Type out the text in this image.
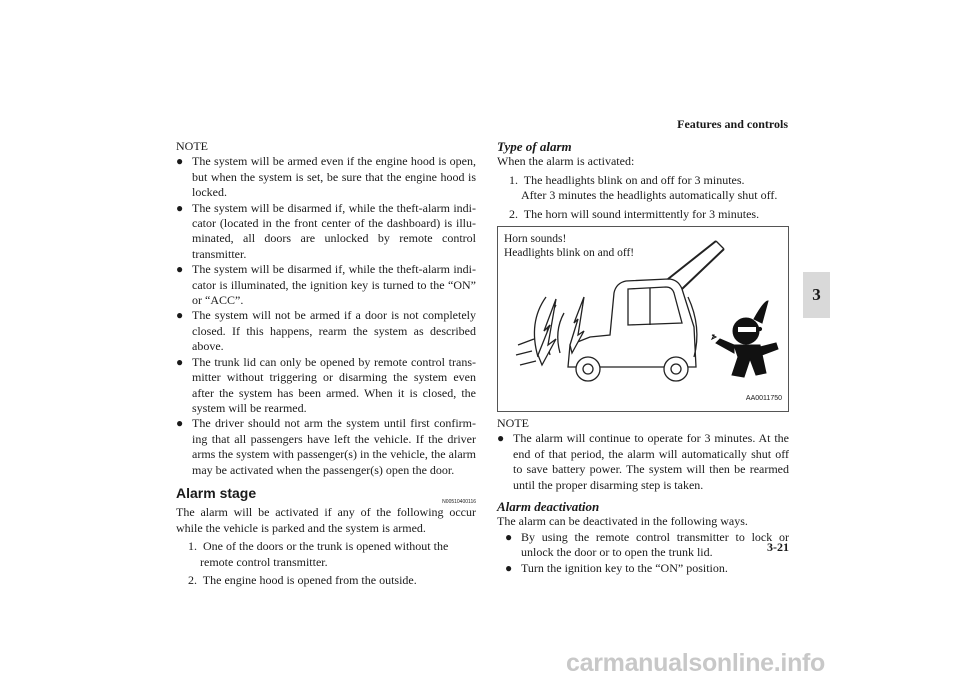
Features and controls
3

NOTE

● The system will be armed even if the engine hood is open, but when the system is set, be sure that the engine hood is locked.
● The system will be disarmed if, while the theft-alarm indi-cator (located in the front center of the dashboard) is illu-minated, all doors are unlocked by remote control transmitter.
● The system will be disarmed if, while the theft-alarm indi-cator is illuminated, the ignition key is turned to the “ON” or “ACC”.
● The system will not be armed if a door is not completely closed. If this happens, rearm the system as described above.
● The trunk lid can only be opened by remote control trans-mitter without triggering or disarming the system even after the system has been armed. When it is closed, the system will be rearmed.
● The driver should not arm the system until first confirm-ing that all passengers have left the vehicle. If the driver arms the system with passenger(s) in the vehicle, the alarm may be activated when the passenger(s) open the door.
Alarm stage
N00510400116

The alarm will be activated if any of the following occur while the vehicle is parked and the system is armed.

1. One of the doors or the trunk is opened without the remote control transmitter.
2. The engine hood is opened from the outside.
Type of alarm

When the alarm is activated:

1. The headlights blink on and off for 3 minutes.
After 3 minutes the headlights automatically shut off.
2. The horn will sound intermittently for 3 minutes.
Horn sounds!
Headlights blink on and off!
AA0011750

NOTE

● The alarm will continue to operate for 3 minutes. At the end of that period, the alarm will automatically shut off to save battery power. The system will then be rearmed until the proper disarming step is taken.
Alarm deactivation

The alarm can be deactivated in the following ways.

● By using the remote control transmitter to lock or unlock the door or to open the trunk lid.
● Turn the ignition key to the “ON” position.
3-21
carmanualsonline.info
